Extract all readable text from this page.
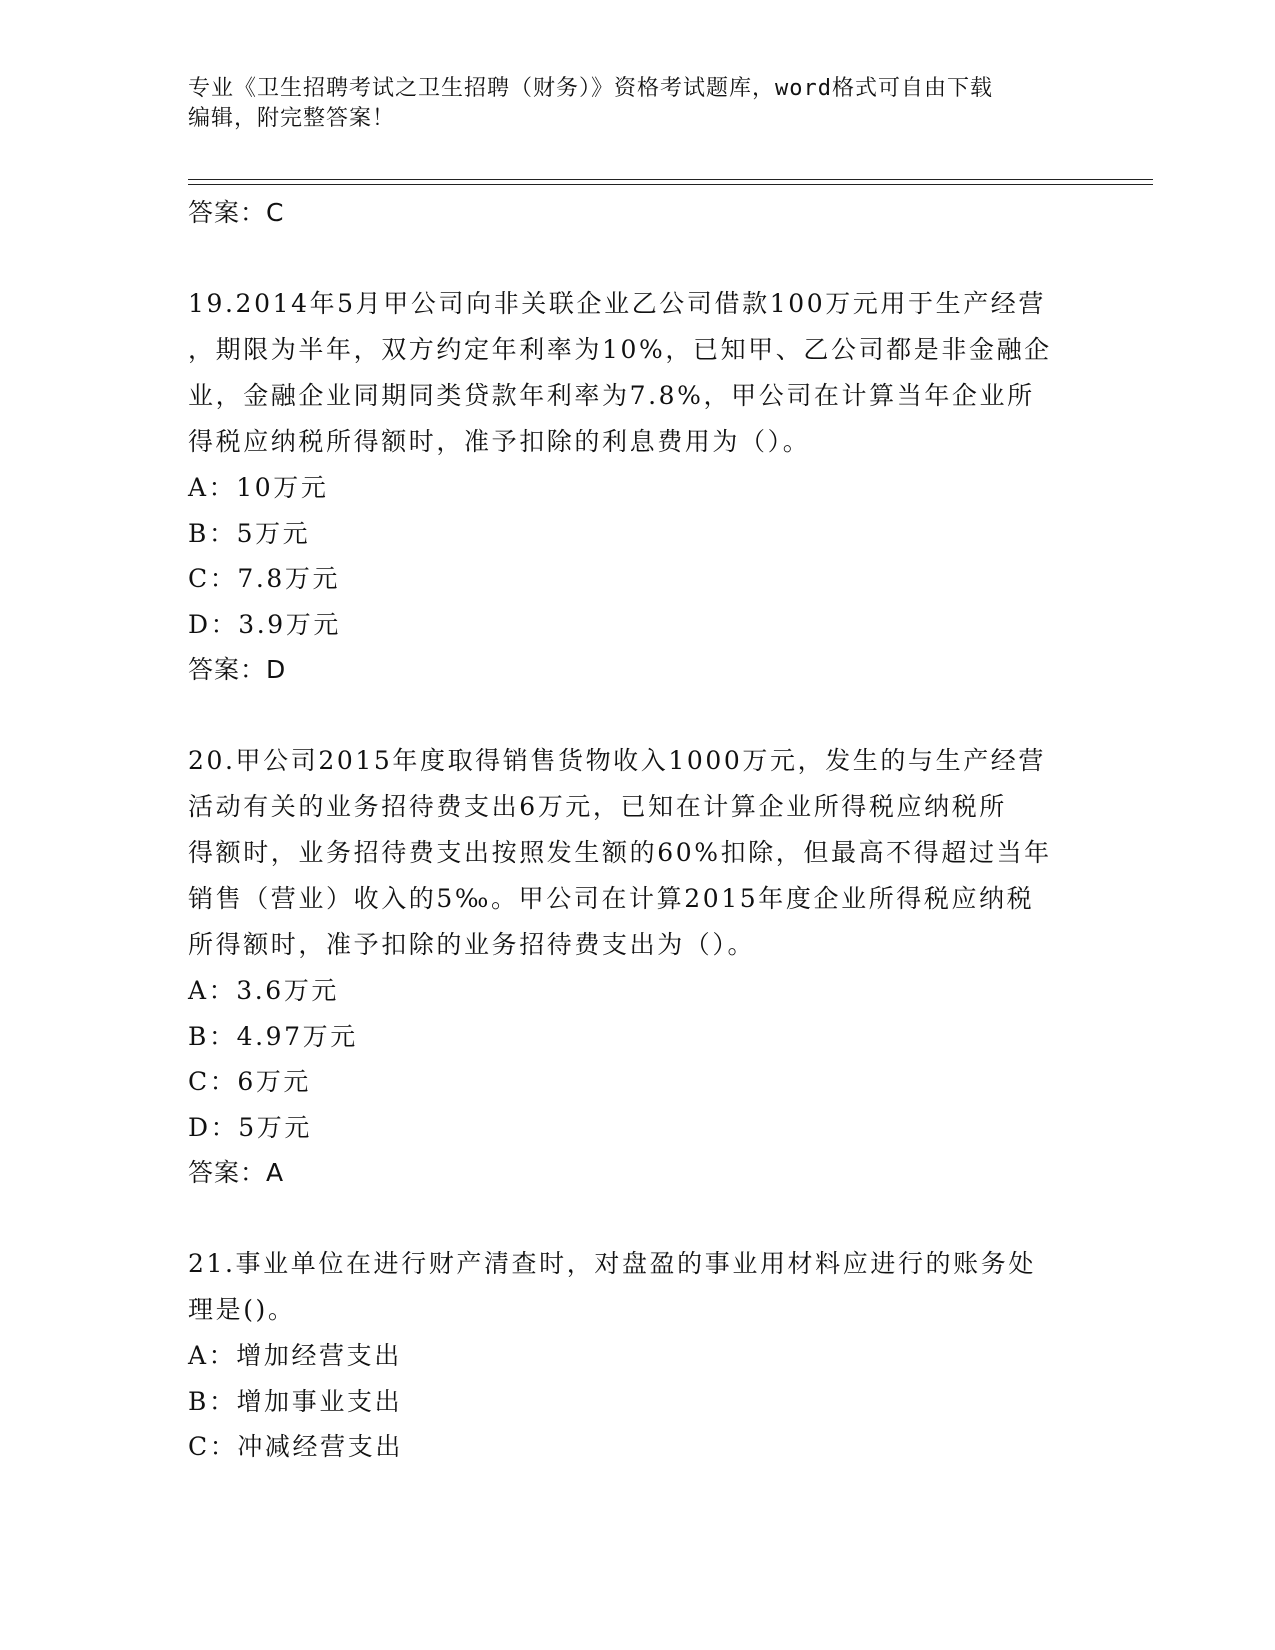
专业《卫生招聘考试之卫生招聘（财务）》资格考试题库，word格式可自由下载
编辑，附完整答案！
答案：C
19.2014年5月甲公司向非关联企业乙公司借款100万元用于生产经营
，期限为半年，双方约定年利率为10%，已知甲、乙公司都是非金融企
业，金融企业同期同类贷款年利率为7.8%，甲公司在计算当年企业所
得税应纳税所得额时，准予扣除的利息费用为（）。
A：10万元
B：5万元
C：7.8万元
D：3.9万元
答案：D
20.甲公司2015年度取得销售货物收入1000万元，发生的与生产经营
活动有关的业务招待费支出6万元，已知在计算企业所得税应纳税所
得额时，业务招待费支出按照发生额的60%扣除，但最高不得超过当年
销售（营业）收入的5‰。甲公司在计算2015年度企业所得税应纳税
所得额时，准予扣除的业务招待费支出为（）。
A：3.6万元
B：4.97万元
C：6万元
D：5万元
答案：A
21.事业单位在进行财产清查时，对盘盈的事业用材料应进行的账务处
理是()。
A：增加经营支出
B：增加事业支出
C：冲减经营支出
